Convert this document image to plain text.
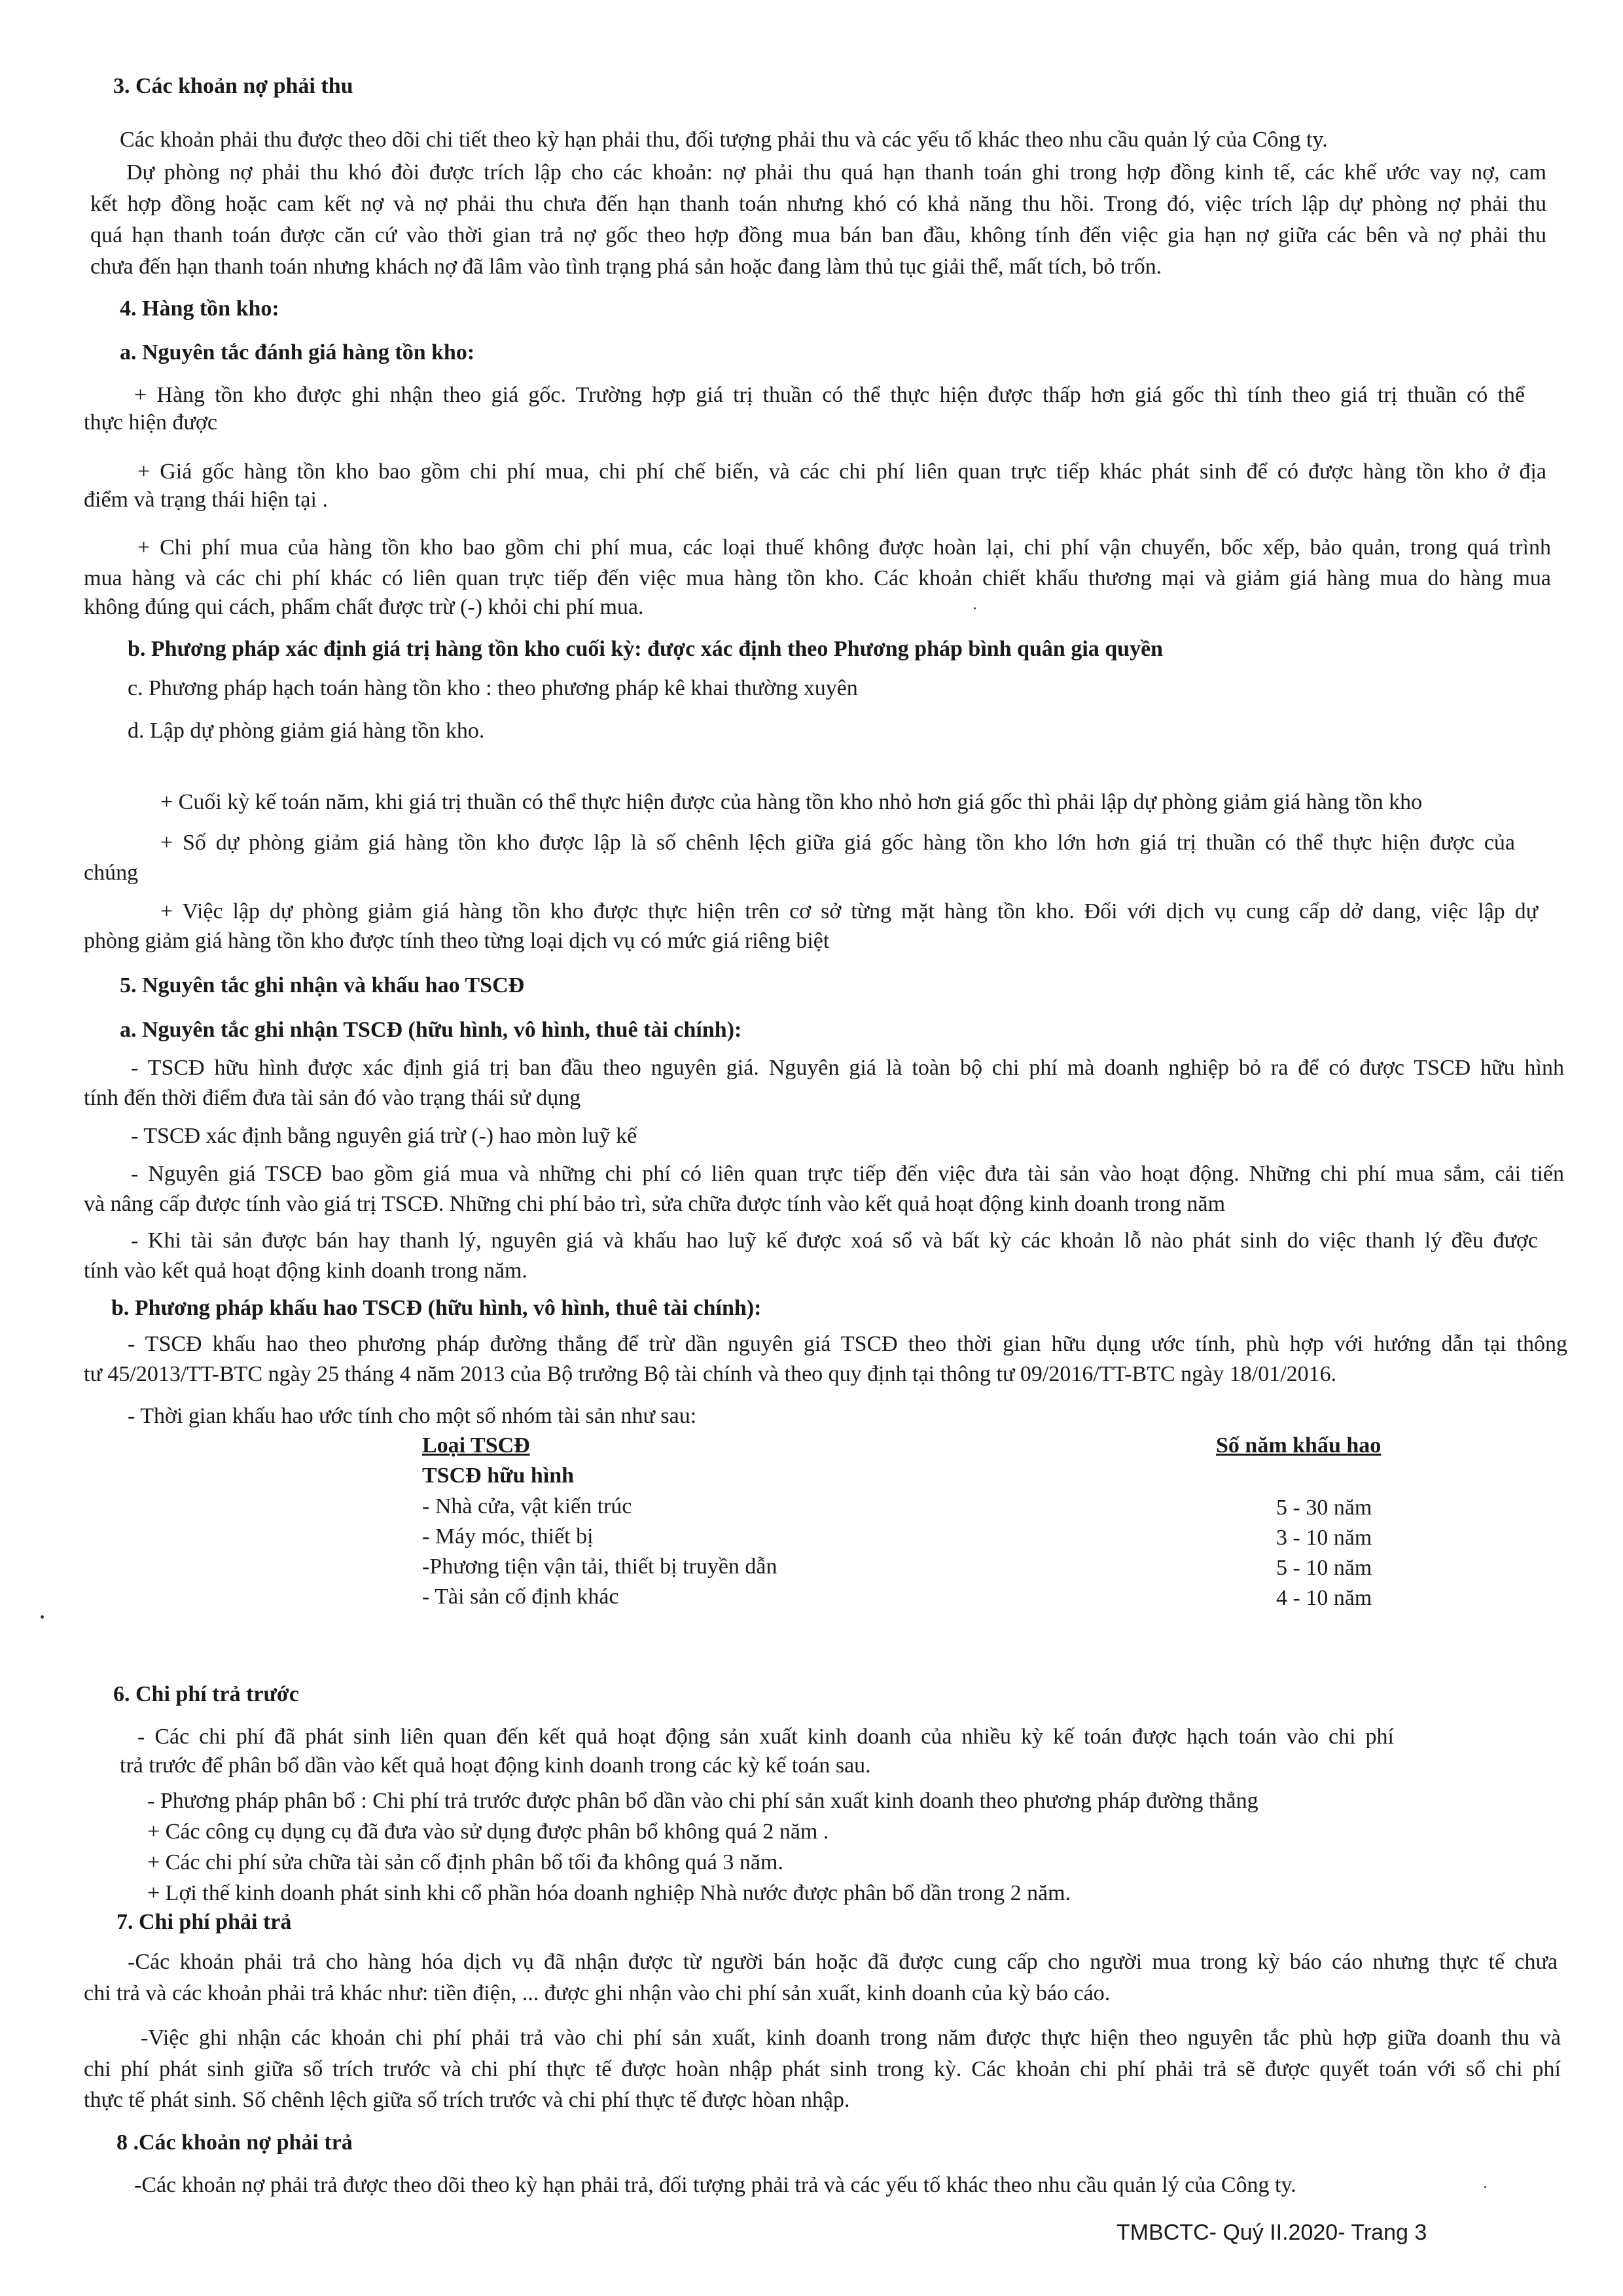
3. Các khoản nợ phải thu
Các khoản phải thu được theo dõi chi tiết theo kỳ hạn phải thu, đối tượng phải thu và các yếu tố khác theo nhu cầu quản lý của Công ty.
Dự phòng nợ phải thu khó đòi được trích lập cho các khoản: nợ phải thu quá hạn thanh toán ghi trong hợp đồng kinh tế, các khế ước vay nợ, cam
kết hợp đồng hoặc cam kết nợ và nợ phải thu chưa đến hạn thanh toán nhưng khó có khả năng thu hồi. Trong đó, việc trích lập dự phòng nợ phải thu
quá hạn thanh toán được căn cứ vào thời gian trả nợ gốc theo hợp đồng mua bán ban đầu, không tính đến việc gia hạn nợ giữa các bên và nợ phải thu
chưa đến hạn thanh toán nhưng khách nợ đã lâm vào tình trạng phá sản hoặc đang làm thủ tục giải thể, mất tích, bỏ trốn.
4. Hàng tồn kho:
a. Nguyên tắc đánh giá hàng tồn kho:
+ Hàng tồn kho được ghi nhận theo giá gốc. Trường hợp giá trị thuần có thể thực hiện được thấp hơn giá gốc thì tính theo giá trị thuần có thể
thực hiện được
+ Giá gốc hàng tồn kho bao gồm chi phí mua, chi phí chế biến, và các chi phí liên quan trực tiếp khác phát sinh để có được hàng tồn kho ở địa
điểm và trạng thái hiện tại .
+ Chi phí mua của hàng tồn kho bao gồm chi phí mua, các loại thuế không được hoàn lại, chi phí vận chuyển, bốc xếp, bảo quản, trong quá trình
mua hàng và các chi phí khác có liên quan trực tiếp đến việc mua hàng tồn kho. Các khoản chiết khấu thương mại và giảm giá hàng mua do hàng mua
không đúng qui cách, phẩm chất được trừ (-) khỏi chi phí mua.
b. Phương pháp xác định giá trị hàng tồn kho cuối kỳ: được xác định theo Phương pháp bình quân gia quyền
c. Phương pháp hạch toán hàng tồn kho : theo phương pháp kê khai thường xuyên
d. Lập dự phòng giảm giá hàng tồn kho.
+ Cuối kỳ kế toán năm, khi giá trị thuần có thể thực hiện được của hàng tồn kho nhỏ hơn giá gốc thì phải lập dự phòng giảm giá hàng tồn kho
+ Số dự phòng giảm giá hàng tồn kho được lập là số chênh lệch giữa giá gốc hàng tồn kho lớn hơn giá trị thuần có thể thực hiện được của
chúng
+ Việc lập dự phòng giảm giá hàng tồn kho được thực hiện trên cơ sở từng mặt hàng tồn kho. Đối với dịch vụ cung cấp dở dang, việc lập dự
phòng giảm giá hàng tồn kho được tính theo từng loại dịch vụ có mức giá riêng biệt
5. Nguyên tắc ghi nhận và khấu hao TSCĐ
a. Nguyên tắc ghi nhận TSCĐ (hữu hình, vô hình, thuê tài chính):
- TSCĐ hữu hình được xác định giá trị ban đầu theo nguyên giá. Nguyên giá là toàn bộ chi phí mà doanh nghiệp bỏ ra để có được TSCĐ hữu hình
tính đến thời điểm đưa tài sản đó vào trạng thái sử dụng
- TSCĐ xác định bằng nguyên giá trừ (-) hao mòn luỹ kế
- Nguyên giá TSCĐ bao gồm giá mua và những chi phí có liên quan trực tiếp đến việc đưa tài sản vào hoạt động. Những chi phí mua sắm, cải tiến
và nâng cấp được tính vào giá trị TSCĐ. Những chi phí bảo trì, sửa chữa được tính vào kết quả hoạt động kinh doanh trong năm
- Khi tài sản được bán hay thanh lý, nguyên giá và khấu hao luỹ kế được xoá sổ và bất kỳ các khoản lỗ nào phát sinh do việc thanh lý đều được
tính vào kết quả hoạt động kinh doanh trong năm.
b. Phương pháp khấu hao TSCĐ (hữu hình, vô hình, thuê tài chính):
- TSCĐ khấu hao theo phương pháp đường thẳng để trừ dần nguyên giá TSCĐ theo thời gian hữu dụng ước tính, phù hợp với hướng dẫn tại thông
tư 45/2013/TT-BTC ngày 25 tháng 4 năm 2013 của Bộ trưởng Bộ tài chính và theo quy định tại thông tư 09/2016/TT-BTC ngày 18/01/2016.
- Thời gian khấu hao ước tính cho một số nhóm tài sản như sau:
Loại TSCĐ	Số năm khấu hao
TSCĐ hữu hình
- Nhà cửa, vật kiến trúc	5 - 30 năm
- Máy móc, thiết bị	3 - 10 năm
-Phương tiện vận tải, thiết bị truyền dẫn	5 - 10 năm
- Tài sản cố định khác	4 - 10 năm
6. Chi phí trả trước
- Các chi phí đã phát sinh liên quan đến kết quả hoạt động sản xuất kinh doanh của nhiều kỳ kế toán được hạch toán vào chi phí
trả trước để phân bổ dần vào kết quả hoạt động kinh doanh trong các kỳ kế toán sau.
- Phương pháp phân bổ : Chi phí trả trước được phân bổ dần vào chi phí sản xuất kinh doanh theo phương pháp đường thẳng
+ Các công cụ dụng cụ đã đưa vào sử dụng được phân bổ không quá 2 năm .
+ Các chi phí sửa chữa tài sản cố định phân bổ tối đa không quá 3 năm.
+ Lợi thế kinh doanh phát sinh khi cổ phần hóa doanh nghiệp Nhà nước được phân bổ dần trong 2 năm.
7. Chi phí phải trả
-Các khoản phải trả cho hàng hóa dịch vụ đã nhận được từ người bán hoặc đã được cung cấp cho người mua trong kỳ báo cáo nhưng thực tế chưa
chi trả và các khoản phải trả khác như: tiền điện, ... được ghi nhận vào chi phí sản xuất, kinh doanh của kỳ báo cáo.
-Việc ghi nhận các khoản chi phí phải trả vào chi phí sản xuất, kinh doanh trong năm được thực hiện theo nguyên tắc phù hợp giữa doanh thu và
chi phí phát sinh giữa số trích trước và chi phí thực tế được hoàn nhập phát sinh trong kỳ. Các khoản chi phí phải trả sẽ được quyết toán với số chi phí
thực tế phát sinh. Số chênh lệch giữa số trích trước và chi phí thực tế được hòan nhập.
8 .Các khoản nợ phải trả
-Các khoản nợ phải trả được theo dõi theo kỳ hạn phải trả, đối tượng phải trả và các yếu tố khác theo nhu cầu quản lý của Công ty.
TMBCTC- Quý II.2020- Trang 3
